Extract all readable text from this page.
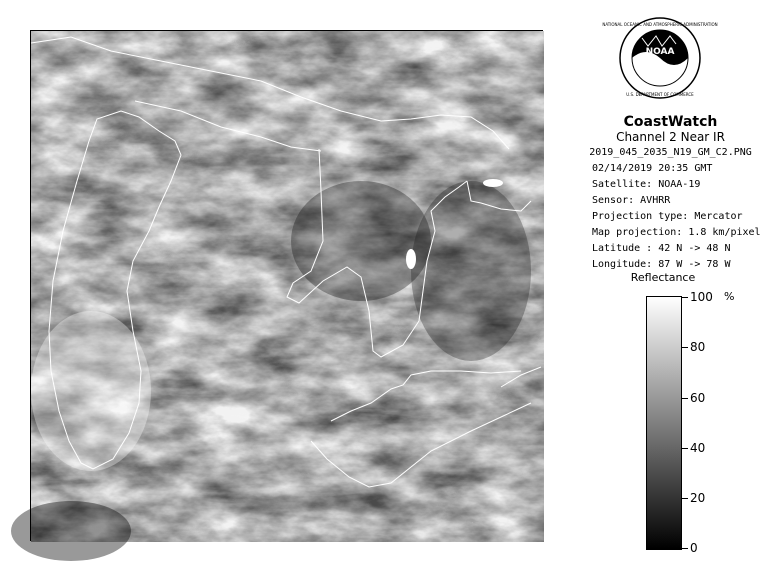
NOAA
NATIONAL OCEANIC AND ATMOSPHERIC ADMINISTRATION
U.S. DEPARTMENT OF COMMERCE
CoastWatch
Channel 2 Near IR
2019_045_2035_N19_GM_C2.PNG
02/14/2019 20:35 GMT
Satellite: NOAA-19
Sensor: AVHRR
Projection type: Mercator
Map projection: 1.8 km/pixel
Latitude : 42 N -> 48 N
Longitude: 87 W -> 78 W
Reflectance
%
100
80
60
40
20
0
